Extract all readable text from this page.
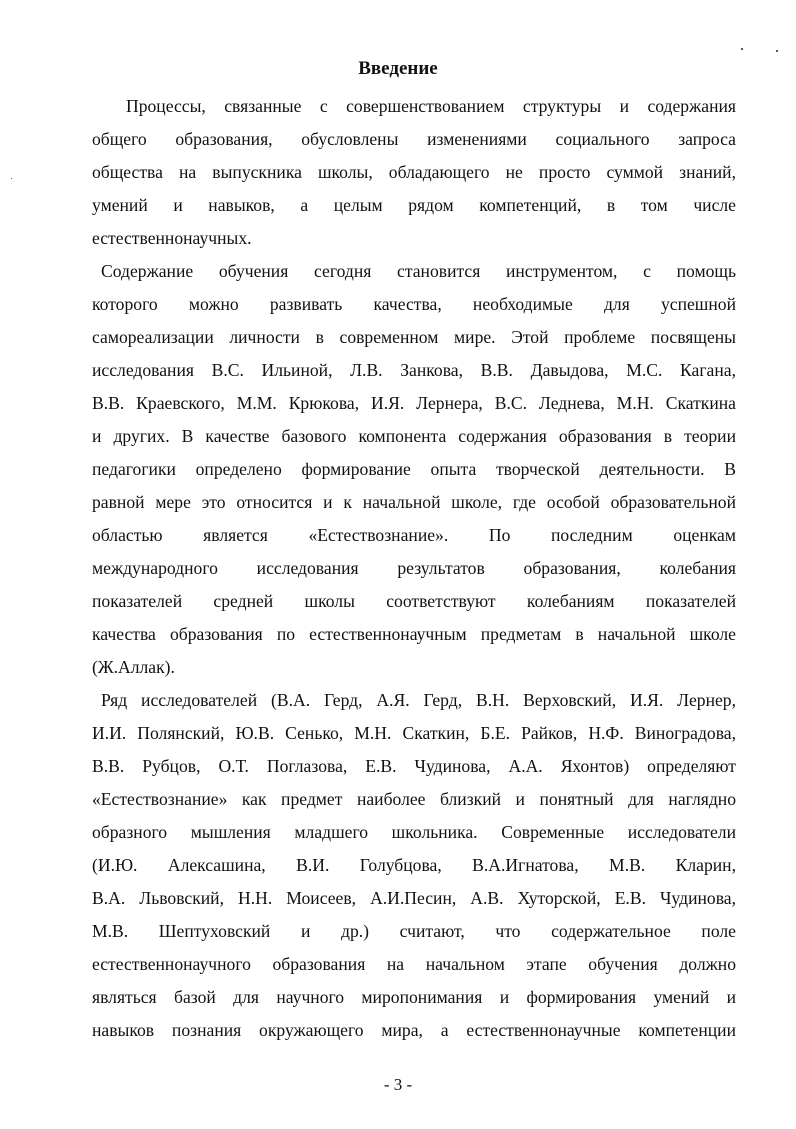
Введение
Процессы, связанные с совершенствованием структуры и содержания
общего образования, обусловлены изменениями социального запроса
общества на выпускника школы, обладающего не просто суммой знаний,
умений и навыков, а целым рядом компетенций, в том числе
естественнонаучных.
Содержание обучения сегодня становится инструментом, с помощь
которого можно развивать качества, необходимые для успешной
самореализации личности в современном мире. Этой проблеме посвящены
исследования В.С. Ильиной, Л.В. Занкова, В.В. Давыдова, М.С. Кагана,
В.В. Краевского, М.М. Крюкова, И.Я. Лернера, В.С. Леднева, М.Н. Скаткина
и других. В качестве базового компонента содержания образования в теории
педагогики определено формирование опыта творческой деятельности. В
равной мере это относится и к начальной школе, где особой образовательной
областью является «Естествознание». По последним оценкам
международного исследования результатов образования, колебания
показателей средней школы соответствуют колебаниям показателей
качества образования по естественнонаучным предметам в начальной школе
(Ж.Аллак).
Ряд исследователей (В.А. Герд, А.Я. Герд, В.Н. Верховский, И.Я. Лернер,
И.И. Полянский, Ю.В. Сенько, М.Н. Скаткин, Б.Е. Райков, Н.Ф. Виноградова,
В.В. Рубцов, О.Т. Поглазова, Е.В. Чудинова, А.А. Яхонтов) определяют
«Естествознание» как предмет наиболее близкий и понятный для наглядно
образного мышления младшего школьника. Современные исследователи
(И.Ю. Алексашина, В.И. Голубцова, В.А.Игнатова, М.В. Кларин,
В.А. Львовский, Н.Н. Моисеев, А.И.Песин, А.В. Хуторской, Е.В. Чудинова,
М.В. Шептуховский и др.) считают, что содержательное поле
естественнонаучного образования на начальном этапе обучения должно
являться базой для научного миропонимания и формирования умений и
навыков познания окружающего мира, а естественнонаучные компетенции
- 3 -
